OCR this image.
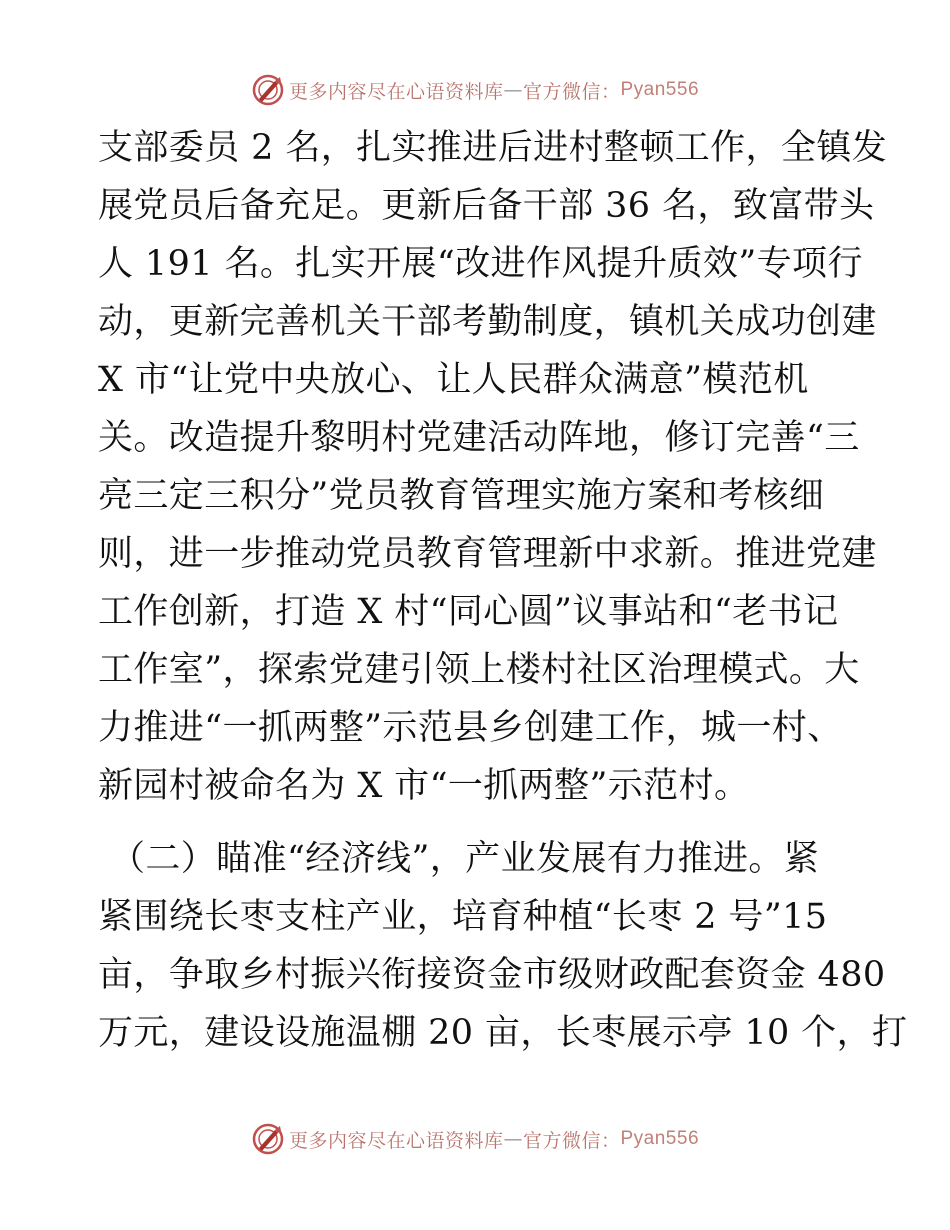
更多内容尽在心语资料库 — 官方微信： Pyan556
支部委员 2 名，扎实推进后进村整顿工作，全镇发
展党员后备充足。更新后备干部 36 名，致富带头
人 191 名。扎实开展“改进作风提升质效”专项行
动，更新完善机关干部考勤制度，镇机关成功创建
X 市“让党中央放心、让人民群众满意”模范机
关。改造提升黎明村党建活动阵地，修订完善“三
亮三定三积分”党员教育管理实施方案和考核细
则，进一步推动党员教育管理新中求新。推进党建
工作创新，打造 X 村“同心圆”议事站和“老书记
工作室”，探索党建引领上楼村社区治理模式。大
力推进“一抓两整”示范县乡创建工作，城一村、
新园村被命名为 X 市“一抓两整”示范村。
（二）瞄准“经济线”，产业发展有力推进。紧
紧围绕长枣支柱产业，培育种植“长枣 2 号”15
亩，争取乡村振兴衔接资金市级财政配套资金 480
万元，建设设施温棚 20 亩，长枣展示亭 10 个，打
更多内容尽在心语资料库 — 官方微信： Pyan556
